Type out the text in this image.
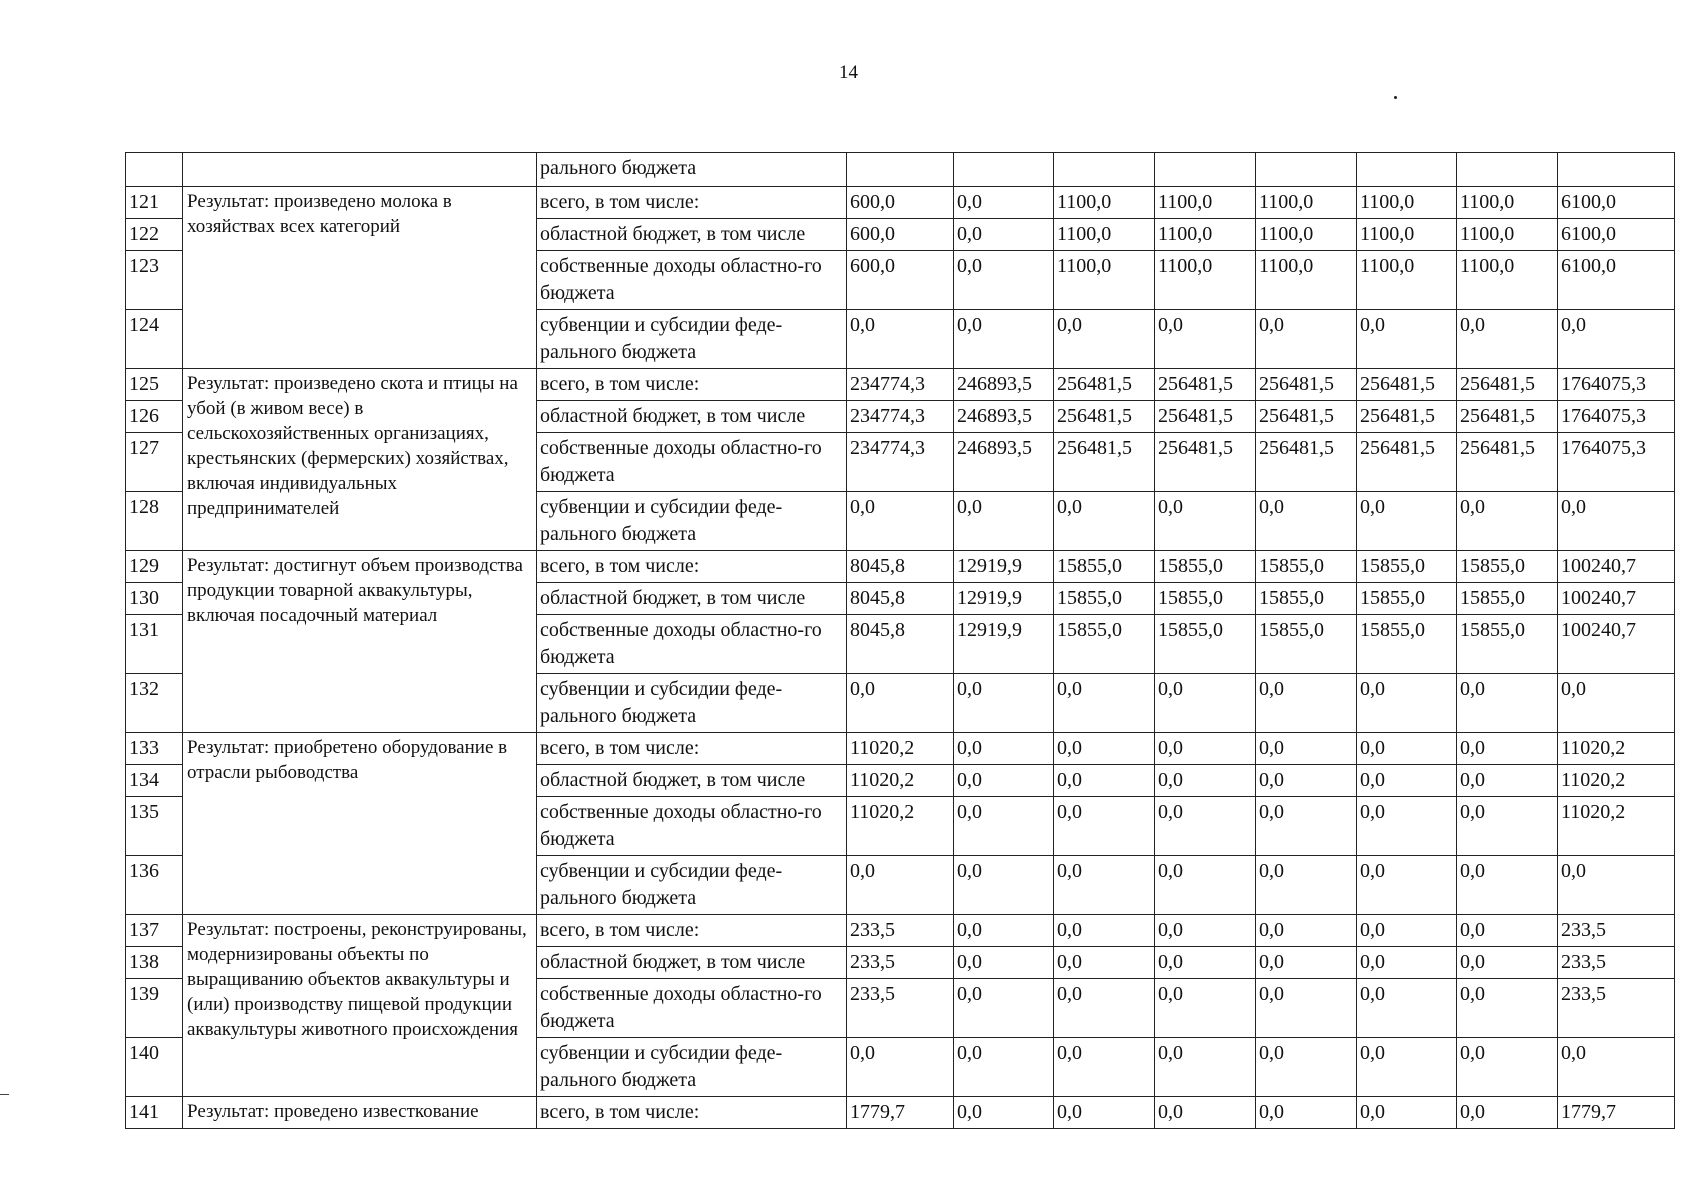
14
		рального бюджета								
121	Результат: произведено молока в хозяйствах всех категорий	всего, в том числе:	600,0	0,0	1100,0	1100,0	1100,0	1100,0	1100,0	6100,0
122		областной бюджет, в том числе	600,0	0,0	1100,0	1100,0	1100,0	1100,0	1100,0	6100,0
123		собственные доходы областно-го бюджета	600,0	0,0	1100,0	1100,0	1100,0	1100,0	1100,0	6100,0
124		субвенции и субсидии феде-рального бюджета	0,0	0,0	0,0	0,0	0,0	0,0	0,0	0,0
125	Результат: произведено скота и птицы на убой (в живом весе) в сельскохозяйственных организациях, крестьянских (фермерских) хозяйствах, включая индивидуальных предпринимателей	всего, в том числе:	234774,3	246893,5	256481,5	256481,5	256481,5	256481,5	256481,5	1764075,3
126		областной бюджет, в том числе	234774,3	246893,5	256481,5	256481,5	256481,5	256481,5	256481,5	1764075,3
127		собственные доходы областно-го бюджета	234774,3	246893,5	256481,5	256481,5	256481,5	256481,5	256481,5	1764075,3
128		субвенции и субсидии феде-рального бюджета	0,0	0,0	0,0	0,0	0,0	0,0	0,0	0,0
129	Результат: достигнут объем производства продукции товарной аквакультуры, включая посадочный материал	всего, в том числе:	8045,8	12919,9	15855,0	15855,0	15855,0	15855,0	15855,0	100240,7
130		областной бюджет, в том числе	8045,8	12919,9	15855,0	15855,0	15855,0	15855,0	15855,0	100240,7
131		собственные доходы областно-го бюджета	8045,8	12919,9	15855,0	15855,0	15855,0	15855,0	15855,0	100240,7
132		субвенции и субсидии феде-рального бюджета	0,0	0,0	0,0	0,0	0,0	0,0	0,0	0,0
133	Результат: приобретено оборудование в отрасли рыбоводства	всего, в том числе:	11020,2	0,0	0,0	0,0	0,0	0,0	0,0	11020,2
134		областной бюджет, в том числе	11020,2	0,0	0,0	0,0	0,0	0,0	0,0	11020,2
135		собственные доходы областно-го бюджета	11020,2	0,0	0,0	0,0	0,0	0,0	0,0	11020,2
136		субвенции и субсидии феде-рального бюджета	0,0	0,0	0,0	0,0	0,0	0,0	0,0	0,0
137	Результат: построены, реконструированы, модернизированы объекты по выращиванию объектов аквакультуры и (или) производству пищевой продукции аквакультуры животного происхождения	всего, в том числе:	233,5	0,0	0,0	0,0	0,0	0,0	0,0	233,5
138		областной бюджет, в том числе	233,5	0,0	0,0	0,0	0,0	0,0	0,0	233,5
139		собственные доходы областно-го бюджета	233,5	0,0	0,0	0,0	0,0	0,0	0,0	233,5
140		субвенции и субсидии феде-рального бюджета	0,0	0,0	0,0	0,0	0,0	0,0	0,0	0,0
141	Результат: проведено известкование	всего, в том числе:	1779,7	0,0	0,0	0,0	0,0	0,0	0,0	1779,7
